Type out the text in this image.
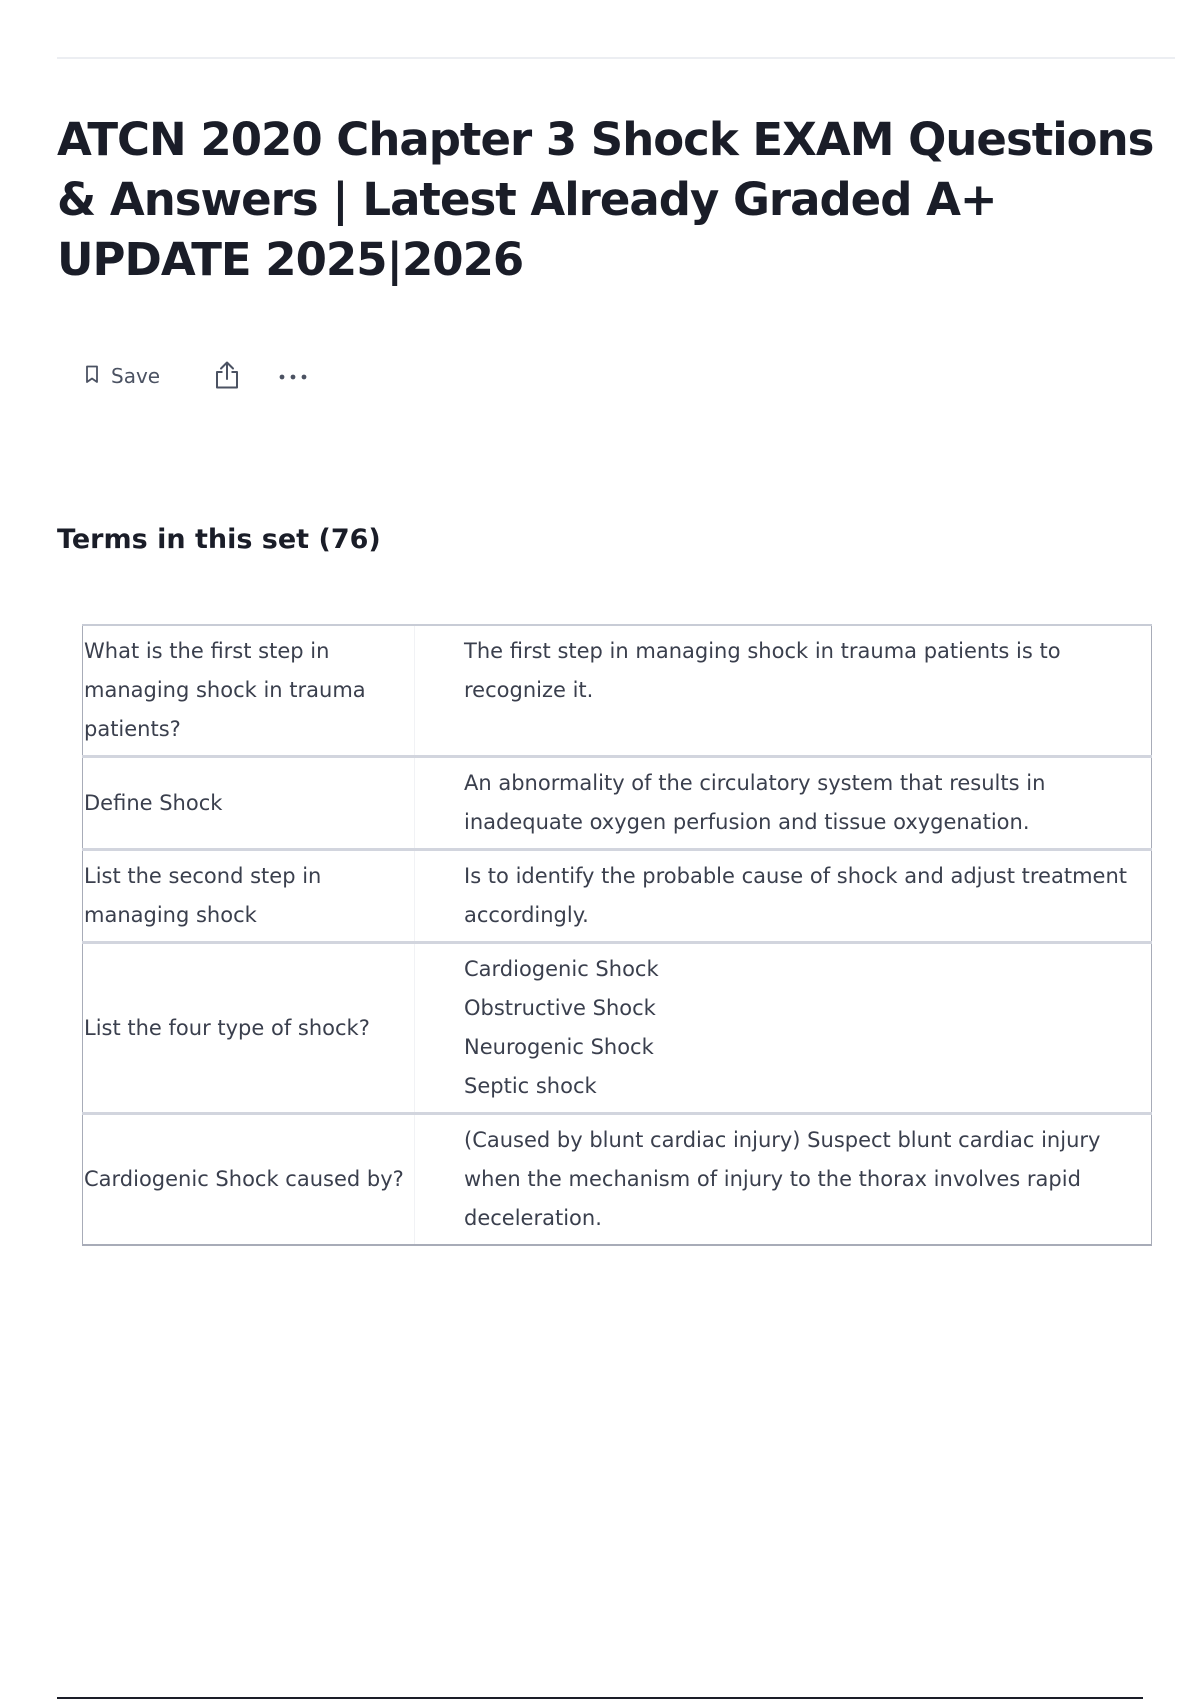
ATCN 2020 Chapter 3 Shock EXAM Questions & Answers | Latest Already Graded A+ UPDATE 2025|2026
Save
Terms in this set (76)
What is the first step in managing shock in trauma patients?	The first step in managing shock in trauma patients is to recognize it.

Define Shock	An abnormality of the circulatory system that results in inadequate oxygen perfusion and tissue oxygenation.

List the second step in managing shock	Is to identify the probable cause of shock and adjust treatment accordingly.

List the four type of shock?	Cardiogenic Shock
Obstructive Shock
Neurogenic Shock
Septic shock

Cardiogenic Shock caused by?	(Caused by blunt cardiac injury) Suspect blunt cardiac injury when the mechanism of injury to the thorax involves rapid deceleration.
